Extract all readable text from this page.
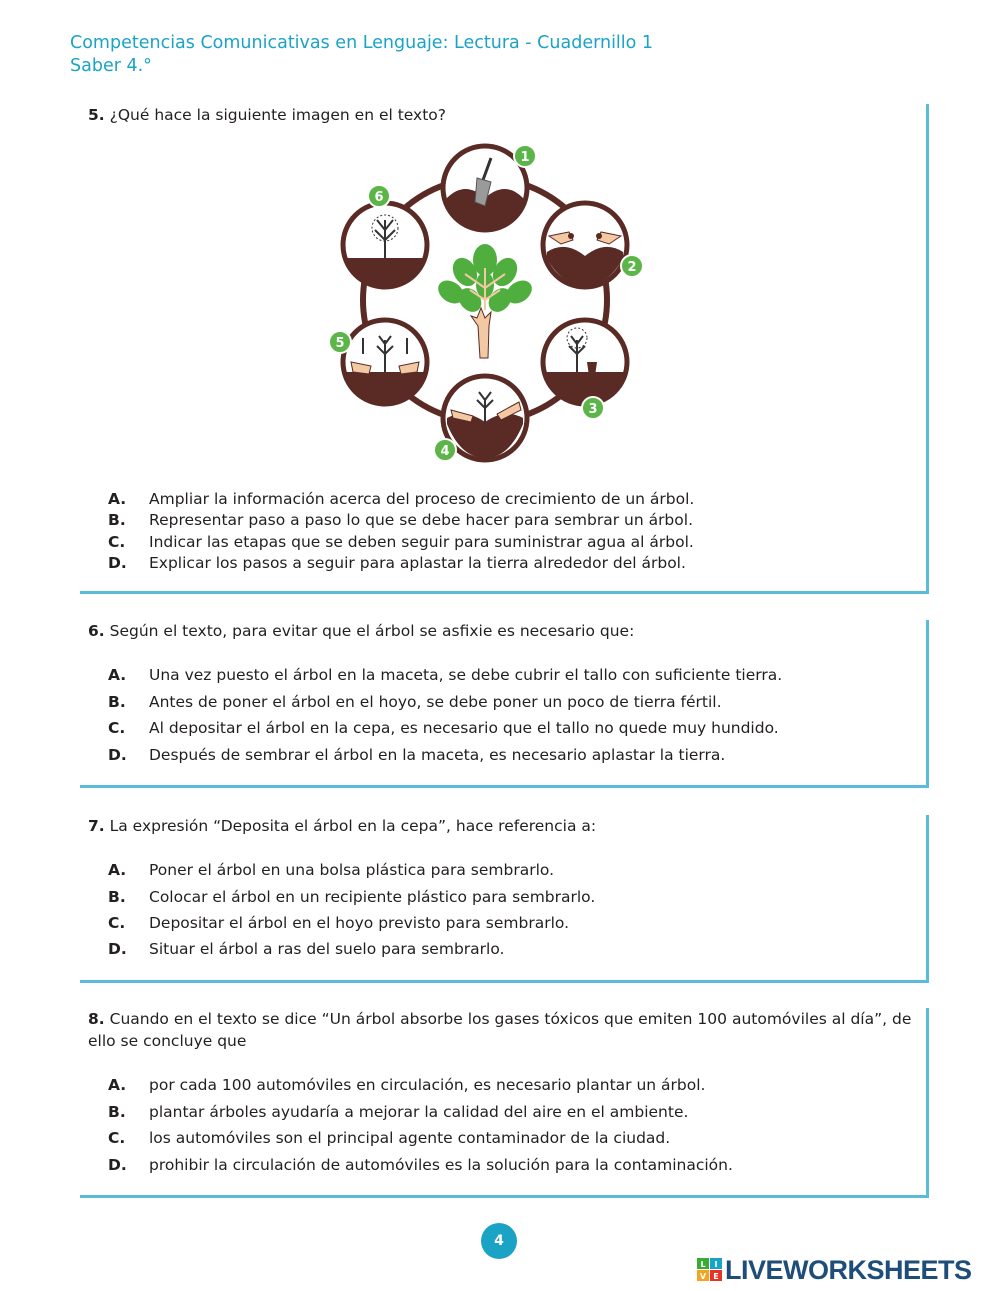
Competencias Comunicativas en Lenguaje: Lectura - Cuadernillo 1
Saber 4.°
5. ¿Qué hace la siguiente imagen en el texto?
A. Ampliar la información acerca del proceso de crecimiento de un árbol.
B. Representar paso a paso lo que se debe hacer para sembrar un árbol.
C. Indicar las etapas que se deben seguir para suministrar agua al árbol.
D. Explicar los pasos a seguir para aplastar la tierra alrededor del árbol.
1
2
3
4
5
6
6. Según el texto, para evitar que el árbol se asfixie es necesario que:
A. Una vez puesto el árbol en la maceta, se debe cubrir el tallo con suficiente tierra.
B. Antes de poner el árbol en el hoyo, se debe poner un poco de tierra fértil.
C. Al depositar el árbol en la cepa, es necesario que el tallo no quede muy hundido.
D. Después de sembrar el árbol en la maceta, es necesario aplastar la tierra.
7. La expresión “Deposita el árbol en la cepa”, hace referencia a:
A. Poner el árbol en una bolsa plástica para sembrarlo.
B. Colocar el árbol en un recipiente plástico para sembrarlo.
C. Depositar el árbol en el hoyo previsto para sembrarlo.
D. Situar el árbol a ras del suelo para sembrarlo.
8. Cuando en el texto se dice “Un árbol absorbe los gases tóxicos que emiten 100 automóviles al día”, de ello se concluye que
A. por cada 100 automóviles en circulación, es necesario plantar un árbol.
B. plantar árboles ayudaría a mejorar la calidad del aire en el ambiente.
C. los automóviles son el principal agente contaminador de la ciudad.
D. prohibir la circulación de automóviles es la solución para la contaminación.
4
L I
V E LIVEWORKSHEETS
